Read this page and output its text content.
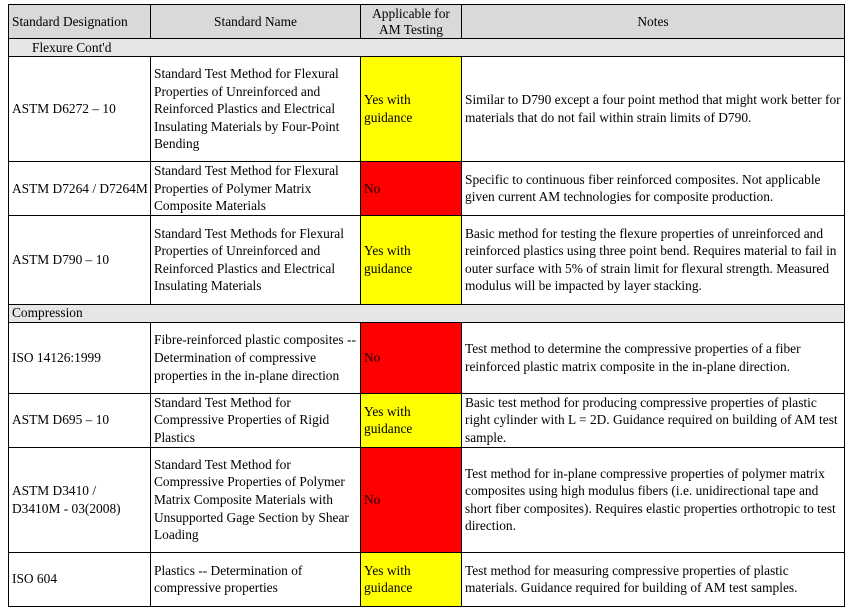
Standard Designation	Standard Name	Applicable for AM Testing	Notes
Flexure Cont'd			
ASTM D6272 – 10	Standard Test Method for Flexural Properties of Unreinforced and Reinforced Plastics and Electrical Insulating Materials by Four-Point Bending	Yes with guidance	Similar to D790 except a four point method that might work better for materials that do not fail within strain limits of D790.
ASTM D7264 / D7264M	Standard Test Method for Flexural Properties of Polymer Matrix Composite Materials	No	Specific to continuous fiber reinforced composites. Not applicable given current AM technologies for composite production.
ASTM D790 – 10	Standard Test Methods for Flexural Properties of Unreinforced and Reinforced Plastics and Electrical Insulating Materials	Yes with guidance	Basic method for testing the flexure properties of unreinforced and reinforced plastics using three point bend. Requires material to fail in outer surface with 5% of strain limit for flexural strength. Measured modulus will be impacted by layer stacking.
Compression			
ISO 14126:1999	Fibre-reinforced plastic composites -- Determination of compressive properties in the in-plane direction	No	Test method to determine the compressive properties of a fiber reinforced plastic matrix composite in the in-plane direction.
ASTM D695 – 10	Standard Test Method for Compressive Properties of Rigid Plastics	Yes with guidance	Basic test method for producing compressive properties of plastic right cylinder with L = 2D. Guidance required on building of AM test sample.
ASTM D3410 / D3410M - 03(2008)	Standard Test Method for Compressive Properties of Polymer Matrix Composite Materials with Unsupported Gage Section by Shear Loading	No	Test method for in-plane compressive properties of polymer matrix composites using high modulus fibers (i.e. unidirectional tape and short fiber composites). Requires elastic properties orthotropic to test direction.
ISO 604	Plastics -- Determination of compressive properties	Yes with guidance	Test method for measuring compressive properties of plastic materials. Guidance required for building of AM test samples.
